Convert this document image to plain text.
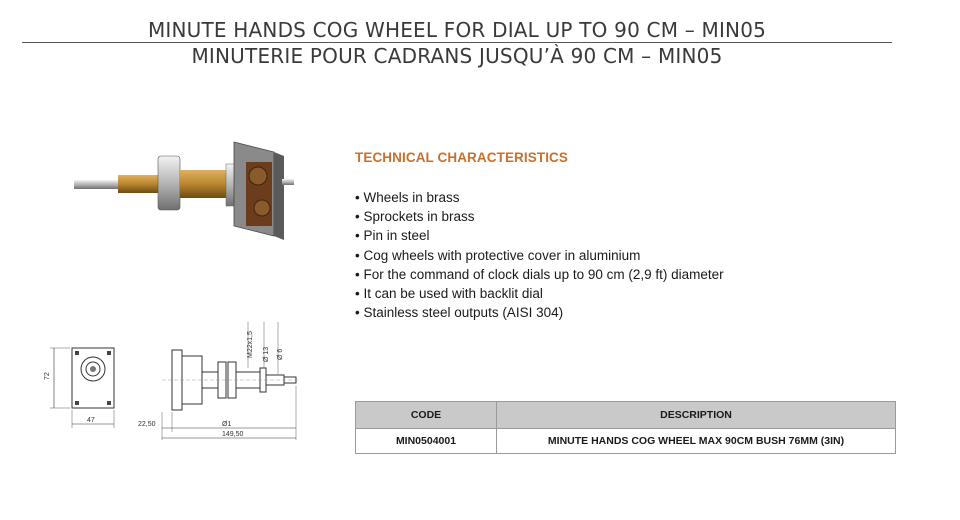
MINUTE HANDS COG WHEEL FOR DIAL UP TO 90 CM – MIN05
MINUTERIE POUR CADRANS JUSQU’À 90 CM – MIN05
72
47
M22x1,5 Ø 13 Ø 6
22,50	Ø1
149,50
TECHNICAL CHARACTERISTICS
• Wheels in brass
• Sprockets in brass
• Pin in steel
• Cog wheels with protective cover in aluminium
• For the command of clock dials up to 90 cm (2,9 ft) diameter
• It can be used with backlit dial
• Stainless steel outputs (AISI 304)
CODE	DESCRIPTION
MIN0504001	MINUTE HANDS COG WHEEL MAX 90CM BUSH 76MM (3IN)
